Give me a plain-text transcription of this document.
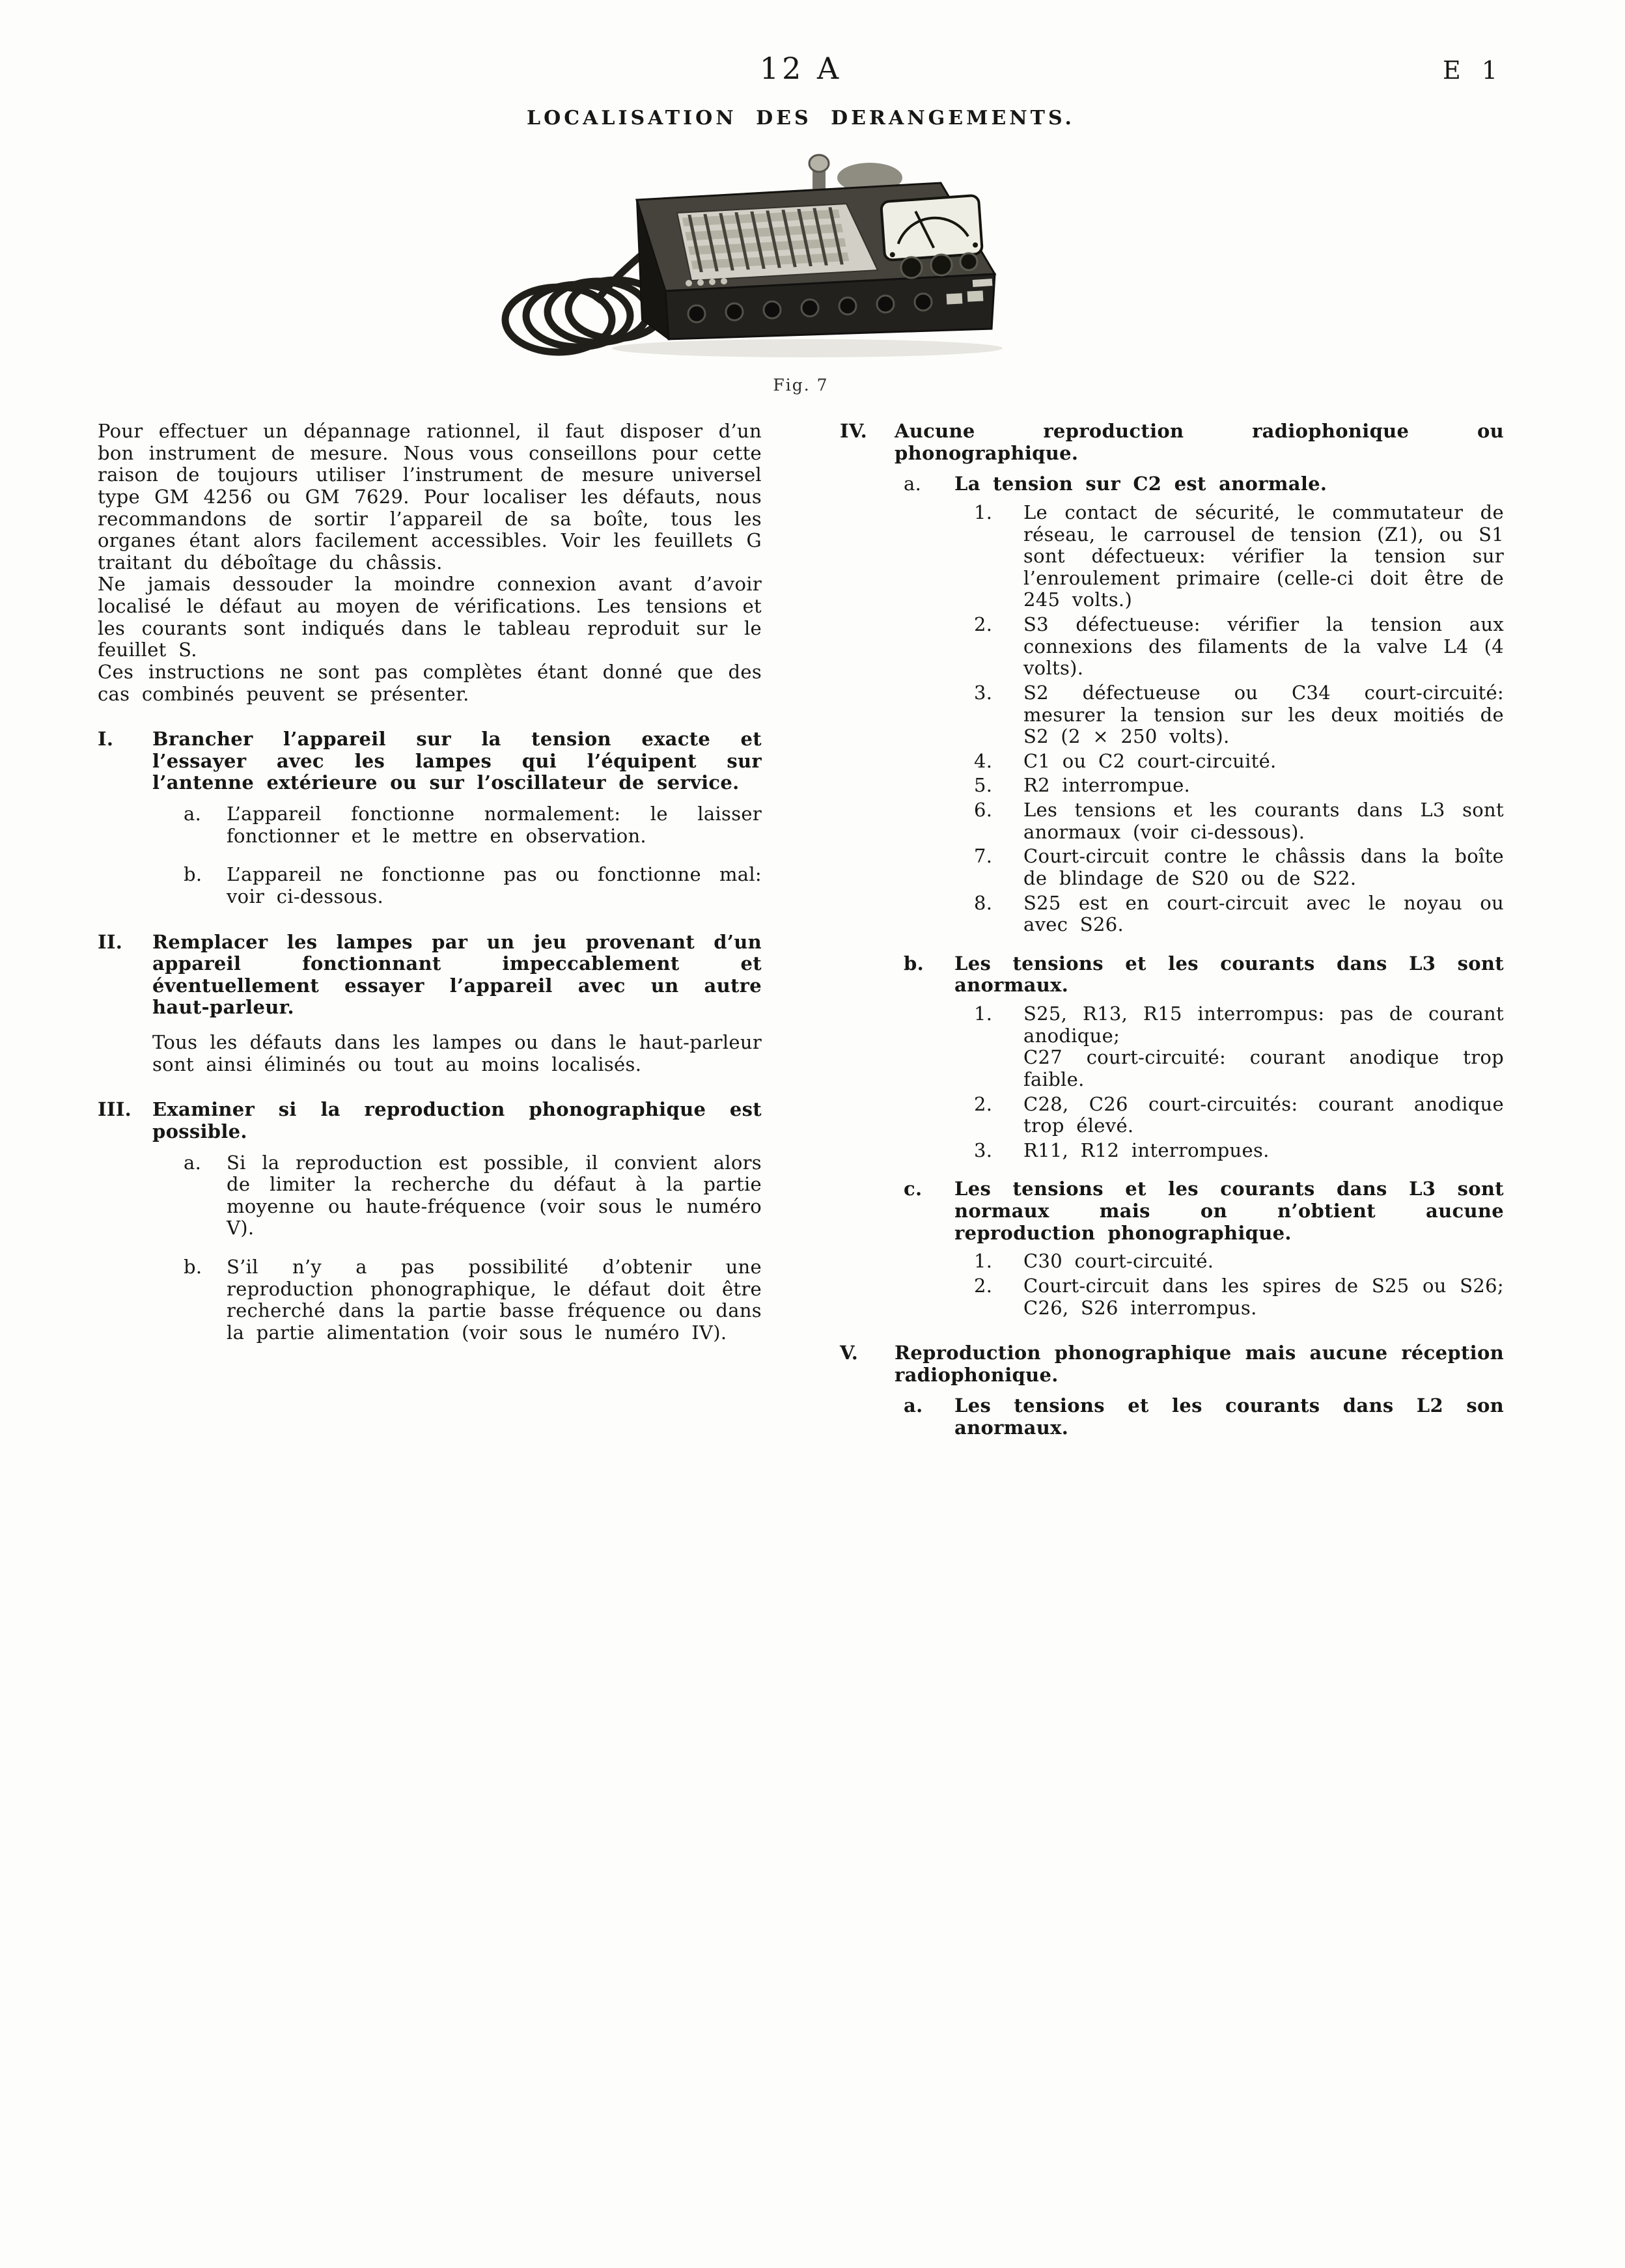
12 A	E 1
LOCALISATION DES DERANGEMENTS.
Fig. 7

Pour effectuer un dépannage rationnel, il faut disposer d’un bon instrument de mesure. Nous vous conseillons pour cette raison de toujours utiliser l’instrument de mesure universel type GM 4256 ou GM 7629. Pour localiser les défauts, nous recommandons de sortir l’appareil de sa boîte, tous les organes étant alors facilement accessibles. Voir les feuillets G traitant du déboîtage du châssis.

Ne jamais dessouder la moindre connexion avant d’avoir localisé le défaut au moyen de vérifications. Les tensions et les courants sont indiqués dans le tableau reproduit sur le feuillet S.

Ces instructions ne sont pas complètes étant donné que des cas combinés peuvent se présenter.

I.	Brancher l’appareil sur la tension exacte et l’essayer avec les lampes qui l’équipent sur l’antenne extérieure ou sur l’oscillateur de service.

a.	L’appareil fonctionne normalement: le laisser fonctionner et le mettre en observation.

b.	L’appareil ne fonctionne pas ou fonctionne mal: voir ci-dessous.

II.	Remplacer les lampes par un jeu provenant d’un appareil fonctionnant impeccablement et éventuellement essayer l’appareil avec un autre haut-parleur.

Tous les défauts dans les lampes ou dans le haut-parleur sont ainsi éliminés ou tout au moins localisés.

III.	Examiner si la reproduction phonographique est possible.

a.	Si la reproduction est possible, il convient alors de limiter la recherche du défaut à la partie moyenne ou haute-fréquence (voir sous le numéro V).

b.	S’il n’y a pas possibilité d’obtenir une reproduction phonographique, le défaut doit être recherché dans la partie basse fréquence ou dans la partie alimentation (voir sous le numéro IV).

IV.	Aucune reproduction radiophonique ou phonographique.

a.	La tension sur C2 est anormale.

1.	Le contact de sécurité, le commutateur de réseau, le carrousel de tension (Z1), ou S1 sont défectueux: vérifier la tension sur l’enroulement primaire (celle-ci doit être de 245 volts.)

2.	S3 défectueuse: vérifier la tension aux connexions des filaments de la valve L4 (4 volts).

3.	S2 défectueuse ou C34 court-circuité: mesurer la tension sur les deux moitiés de S2 (2 × 250 volts).

4.	C1 ou C2 court-circuité.

5.	R2 interrompue.

6.	Les tensions et les courants dans L3 sont anormaux (voir ci-dessous).

7.	Court-circuit contre le châssis dans la boîte de blindage de S20 ou de S22.

8.	S25 est en court-circuit avec le noyau ou avec S26.

b.	Les tensions et les courants dans L3 sont anormaux.

1.	S25, R13, R15 interrompus: pas de courant anodique;

C27 court-circuité: courant anodique trop faible.

2.	C28, C26 court-circuités: courant anodique trop élevé.

3.	R11, R12 interrompues.

c.	Les tensions et les courants dans L3 sont normaux mais on n’obtient aucune reproduction phonographique.

1.	C30 court-circuité.

2.	Court-circuit dans les spires de S25 ou S26; C26, S26 interrompus.

V.	Reproduction phonographique mais aucune réception radiophonique.

a.	Les tensions et les courants dans L2 son anormaux.
